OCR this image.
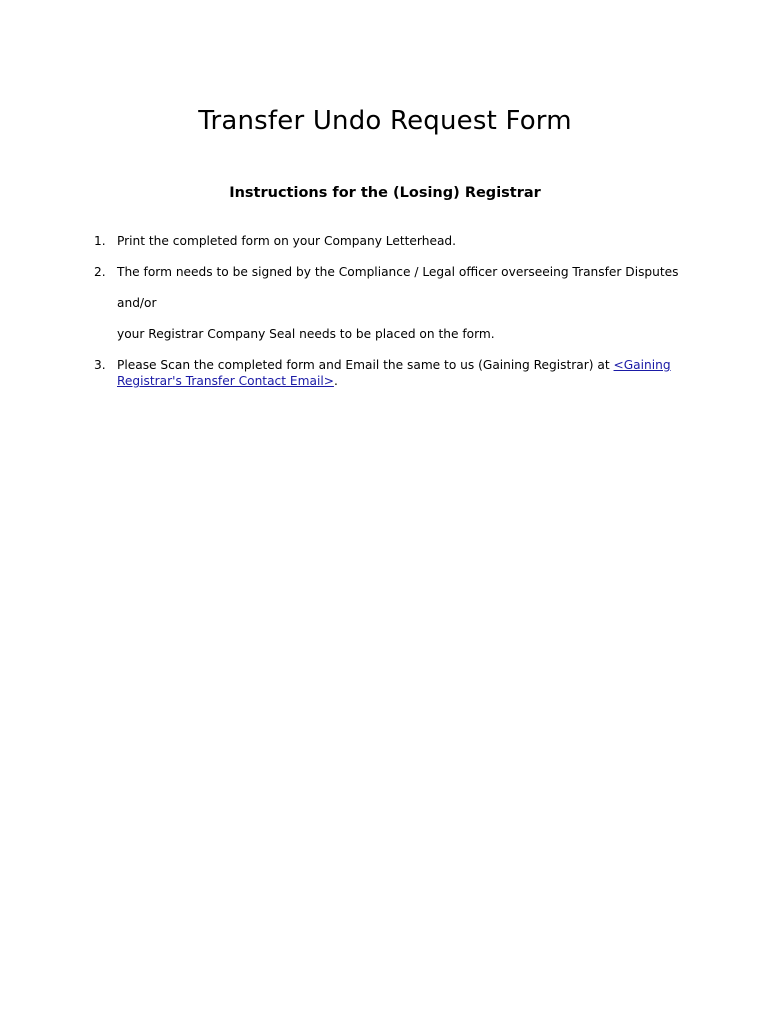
Transfer Undo Request Form
Instructions for the (Losing) Registrar
1. Print the completed form on your Company Letterhead.

2. The form needs to be signed by the Compliance / Legal officer overseeing Transfer Disputes

and/or

your Registrar Company Seal needs to be placed on the form.

3. Please Scan the completed form and Email the same to us (Gaining Registrar) at <Gaining Registrar's Transfer Contact Email>.
